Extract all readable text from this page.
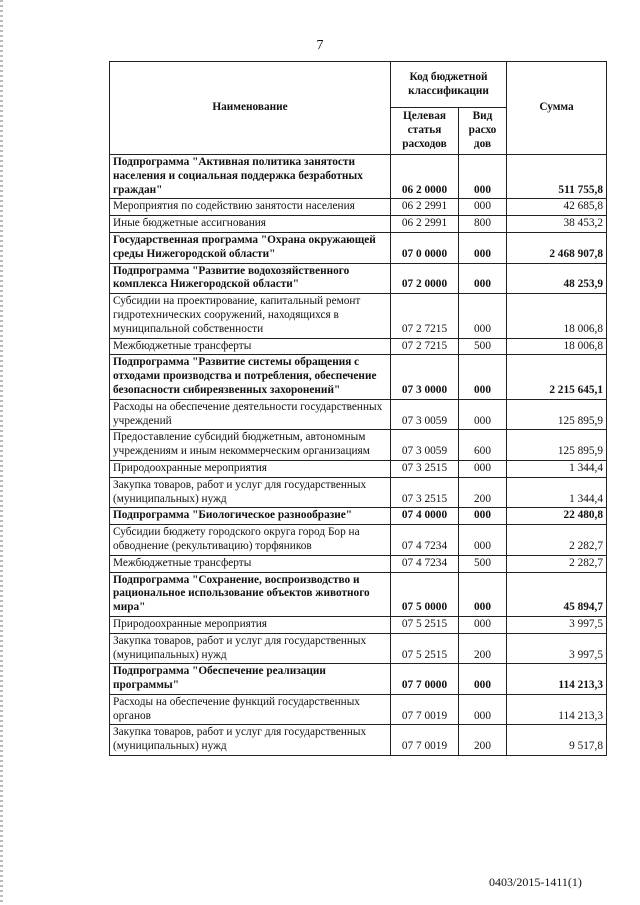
7
Наименование	Код бюджетной классификации		Сумма
	Целевая статья расходов	Вид расхо дов	
Подпрограмма "Активная политика занятости населения и социальная поддержка безработных граждан"	06 2 0000	000	511 755,8
Мероприятия по содействию занятости населения	06 2 2991	000	42 685,8
Иные бюджетные ассигнования	06 2 2991	800	38 453,2
Государственная программа "Охрана окружающей среды Нижегородской области"	07 0 0000	000	2 468 907,8
Подпрограмма "Развитие водохозяйственного комплекса Нижегородской области"	07 2 0000	000	48 253,9
Субсидии на проектирование, капитальный ремонт гидротехнических сооружений, находящихся в муниципальной собственности	07 2 7215	000	18 006,8
Межбюджетные трансферты	07 2 7215	500	18 006,8
Подпрограмма "Развитие системы обращения с отходами производства и потребления, обеспечение безопасности сибиреязвенных захоронений"	07 3 0000	000	2 215 645,1
Расходы на обеспечение деятельности государственных учреждений	07 3 0059	000	125 895,9
Предоставление субсидий бюджетным, автономным учреждениям и иным некоммерческим организациям	07 3 0059	600	125 895,9
Природоохранные мероприятия	07 3 2515	000	1 344,4
Закупка товаров, работ и услуг для государственных (муниципальных) нужд	07 3 2515	200	1 344,4
Подпрограмма "Биологическое разнообразие"	07 4 0000	000	22 480,8
Субсидии бюджету городского округа город Бор на обводнение (рекультивацию) торфяников	07 4 7234	000	2 282,7
Межбюджетные трансферты	07 4 7234	500	2 282,7
Подпрограмма "Сохранение, воспроизводство и рациональное использование объектов животного мира"	07 5 0000	000	45 894,7
Природоохранные мероприятия	07 5 2515	000	3 997,5
Закупка товаров, работ и услуг для государственных (муниципальных) нужд	07 5 2515	200	3 997,5
Подпрограмма "Обеспечение реализации программы"	07 7 0000	000	114 213,3
Расходы на обеспечение функций государственных органов	07 7 0019	000	114 213,3
Закупка товаров, работ и услуг для государственных (муниципальных) нужд	07 7 0019	200	9 517,8
0403/2015-1411(1)
